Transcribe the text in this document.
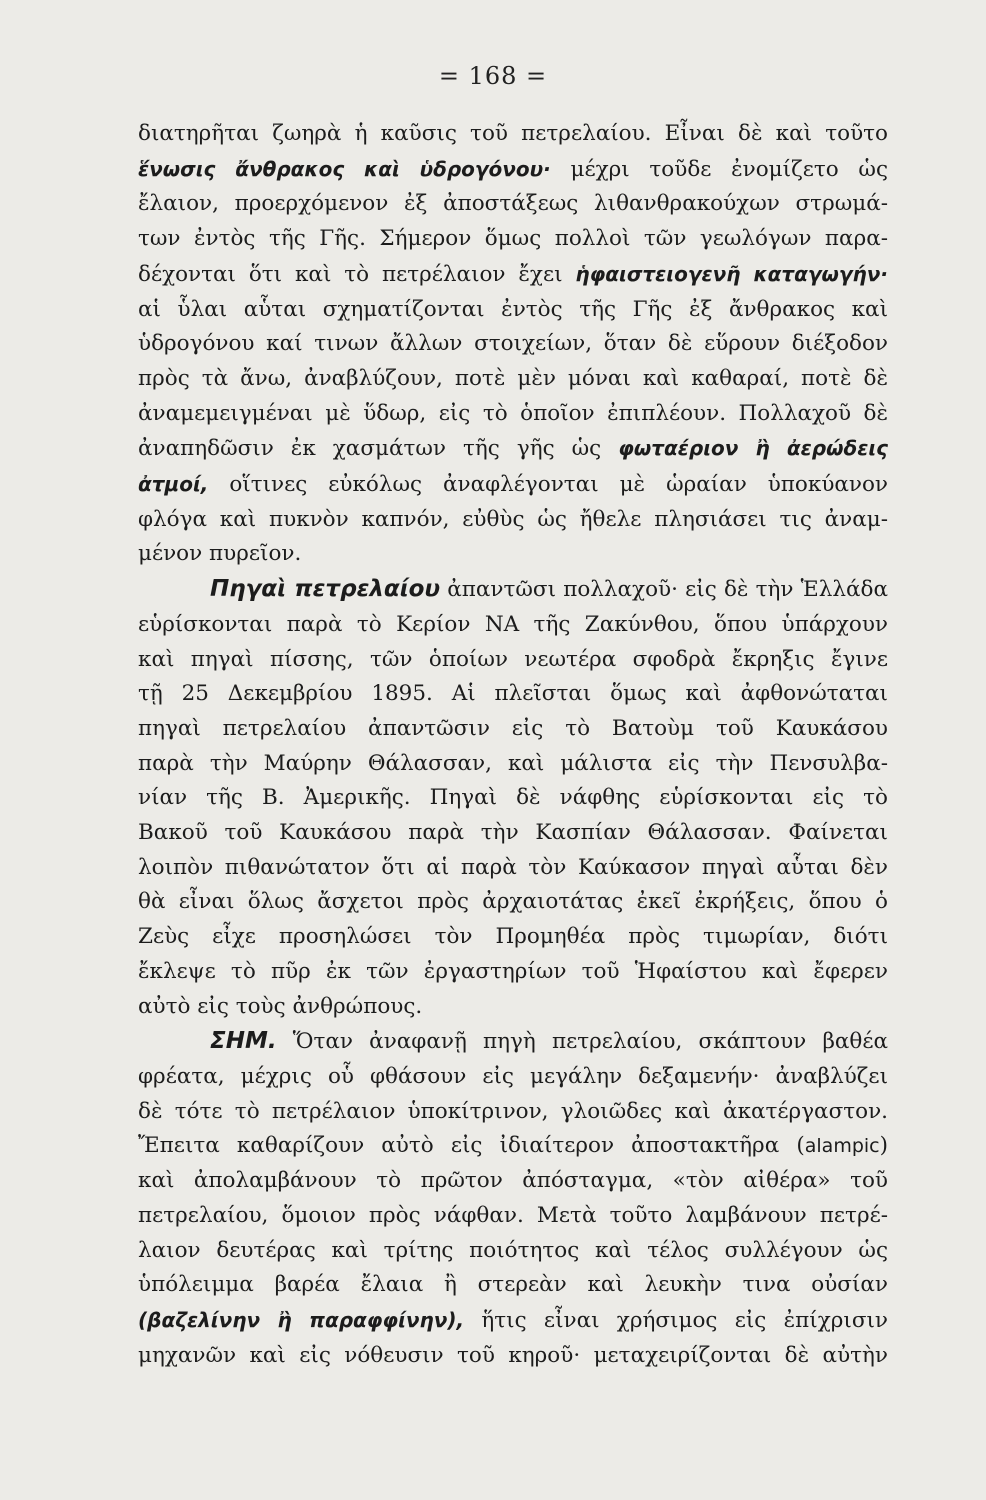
= 168 =
διατηρῆται ζωηρὰ ἡ καῦσις τοῦ πετρελαίου. Εἶναι δὲ καὶ τοῦτο
ἕνωσις ἄνθρακος καὶ ὑδρογόνου· μέχρι τοῦδε ἐνομίζετο ὡς
ἔλαιον, προερχόμενον ἐξ ἀποστάξεως λιθανθρακούχων στρωμά-
των ἐντὸς τῆς Γῆς. Σήμερον ὅμως πολλοὶ τῶν γεωλόγων παρα-
δέχονται ὅτι καὶ τὸ πετρέλαιον ἔχει ἡφαιστειογενῆ καταγωγήν·
αἱ ὗλαι αὗται σχηματίζονται ἐντὸς τῆς Γῆς ἐξ ἄνθρακος καὶ
ὑδρογόνου καί τινων ἄλλων στοιχείων, ὅταν δὲ εὕρουν διέξοδον
πρὸς τὰ ἄνω, ἀναβλύζουν, ποτὲ μὲν μόναι καὶ καθαραί, ποτὲ δὲ
ἀναμεμειγμέναι μὲ ὕδωρ, εἰς τὸ ὁποῖον ἐπιπλέουν. Πολλαχοῦ δὲ
ἀναπηδῶσιν ἐκ χασμάτων τῆς γῆς ὡς φωταέριον ἢ ἀερώδεις
ἀτμοί, οἵτινες εὐκόλως ἀναφλέγονται μὲ ὡραίαν ὑποκύανον
φλόγα καὶ πυκνὸν καπνόν, εὐθὺς ὡς ἤθελε πλησιάσει τις ἀναμ-
μένον πυρεῖον.
Πηγαὶ πετρελαίου ἀπαντῶσι πολλαχοῦ· εἰς δὲ τὴν Ἑλλάδα
εὑρίσκονται παρὰ τὸ Κερίον ΝΑ τῆς Ζακύνθου, ὅπου ὑπάρχουν
καὶ πηγαὶ πίσσης, τῶν ὁποίων νεωτέρα σφοδρὰ ἔκρηξις ἔγινε
τῇ 25 Δεκεμβρίου 1895. Αἱ πλεῖσται ὅμως καὶ ἀφθονώταται
πηγαὶ πετρελαίου ἀπαντῶσιν εἰς τὸ Βατοὺμ τοῦ Καυκάσου
παρὰ τὴν Μαύρην Θάλασσαν, καὶ μάλιστα εἰς τὴν Πενσυλβα-
νίαν τῆς Β. Ἀμερικῆς. Πηγαὶ δὲ νάφθης εὑρίσκονται εἰς τὸ
Βακοῦ τοῦ Καυκάσου παρὰ τὴν Κασπίαν Θάλασσαν. Φαίνεται
λοιπὸν πιθανώτατον ὅτι αἱ παρὰ τὸν Καύκασον πηγαὶ αὗται δὲν
θὰ εἶναι ὅλως ἄσχετοι πρὸς ἀρχαιοτάτας ἐκεῖ ἐκρήξεις, ὅπου ὁ
Ζεὺς εἶχε προσηλώσει τὸν Προμηθέα πρὸς τιμωρίαν, διότι
ἔκλεψε τὸ πῦρ ἐκ τῶν ἐργαστηρίων τοῦ Ἡφαίστου καὶ ἔφερεν
αὐτὸ εἰς τοὺς ἀνθρώπους.
ΣΗΜ. Ὅταν ἀναφανῇ πηγὴ πετρελαίου, σκάπτουν βαθέα
φρέατα, μέχρις οὗ φθάσουν εἰς μεγάλην δεξαμενήν· ἀναβλύζει
δὲ τότε τὸ πετρέλαιον ὑποκίτρινον, γλοιῶδες καὶ ἀκατέργαστον.
Ἔπειτα καθαρίζουν αὐτὸ εἰς ἰδιαίτερον ἀποστακτῆρα (alampic)
καὶ ἀπολαμβάνουν τὸ πρῶτον ἀπόσταγμα, «τὸν αἰθέρα» τοῦ
πετρελαίου, ὅμοιον πρὸς νάφθαν. Μετὰ τοῦτο λαμβάνουν πετρέ-
λαιον δευτέρας καὶ τρίτης ποιότητος καὶ τέλος συλλέγουν ὡς
ὑπόλειμμα βαρέα ἔλαια ἢ στερεὰν καὶ λευκὴν τινα οὐσίαν
(βαζελίνην ἢ παραφφίνην), ἥτις εἶναι χρήσιμος εἰς ἐπίχρισιν
μηχανῶν καὶ εἰς νόθευσιν τοῦ κηροῦ· μεταχειρίζονται δὲ αὐτὴν
